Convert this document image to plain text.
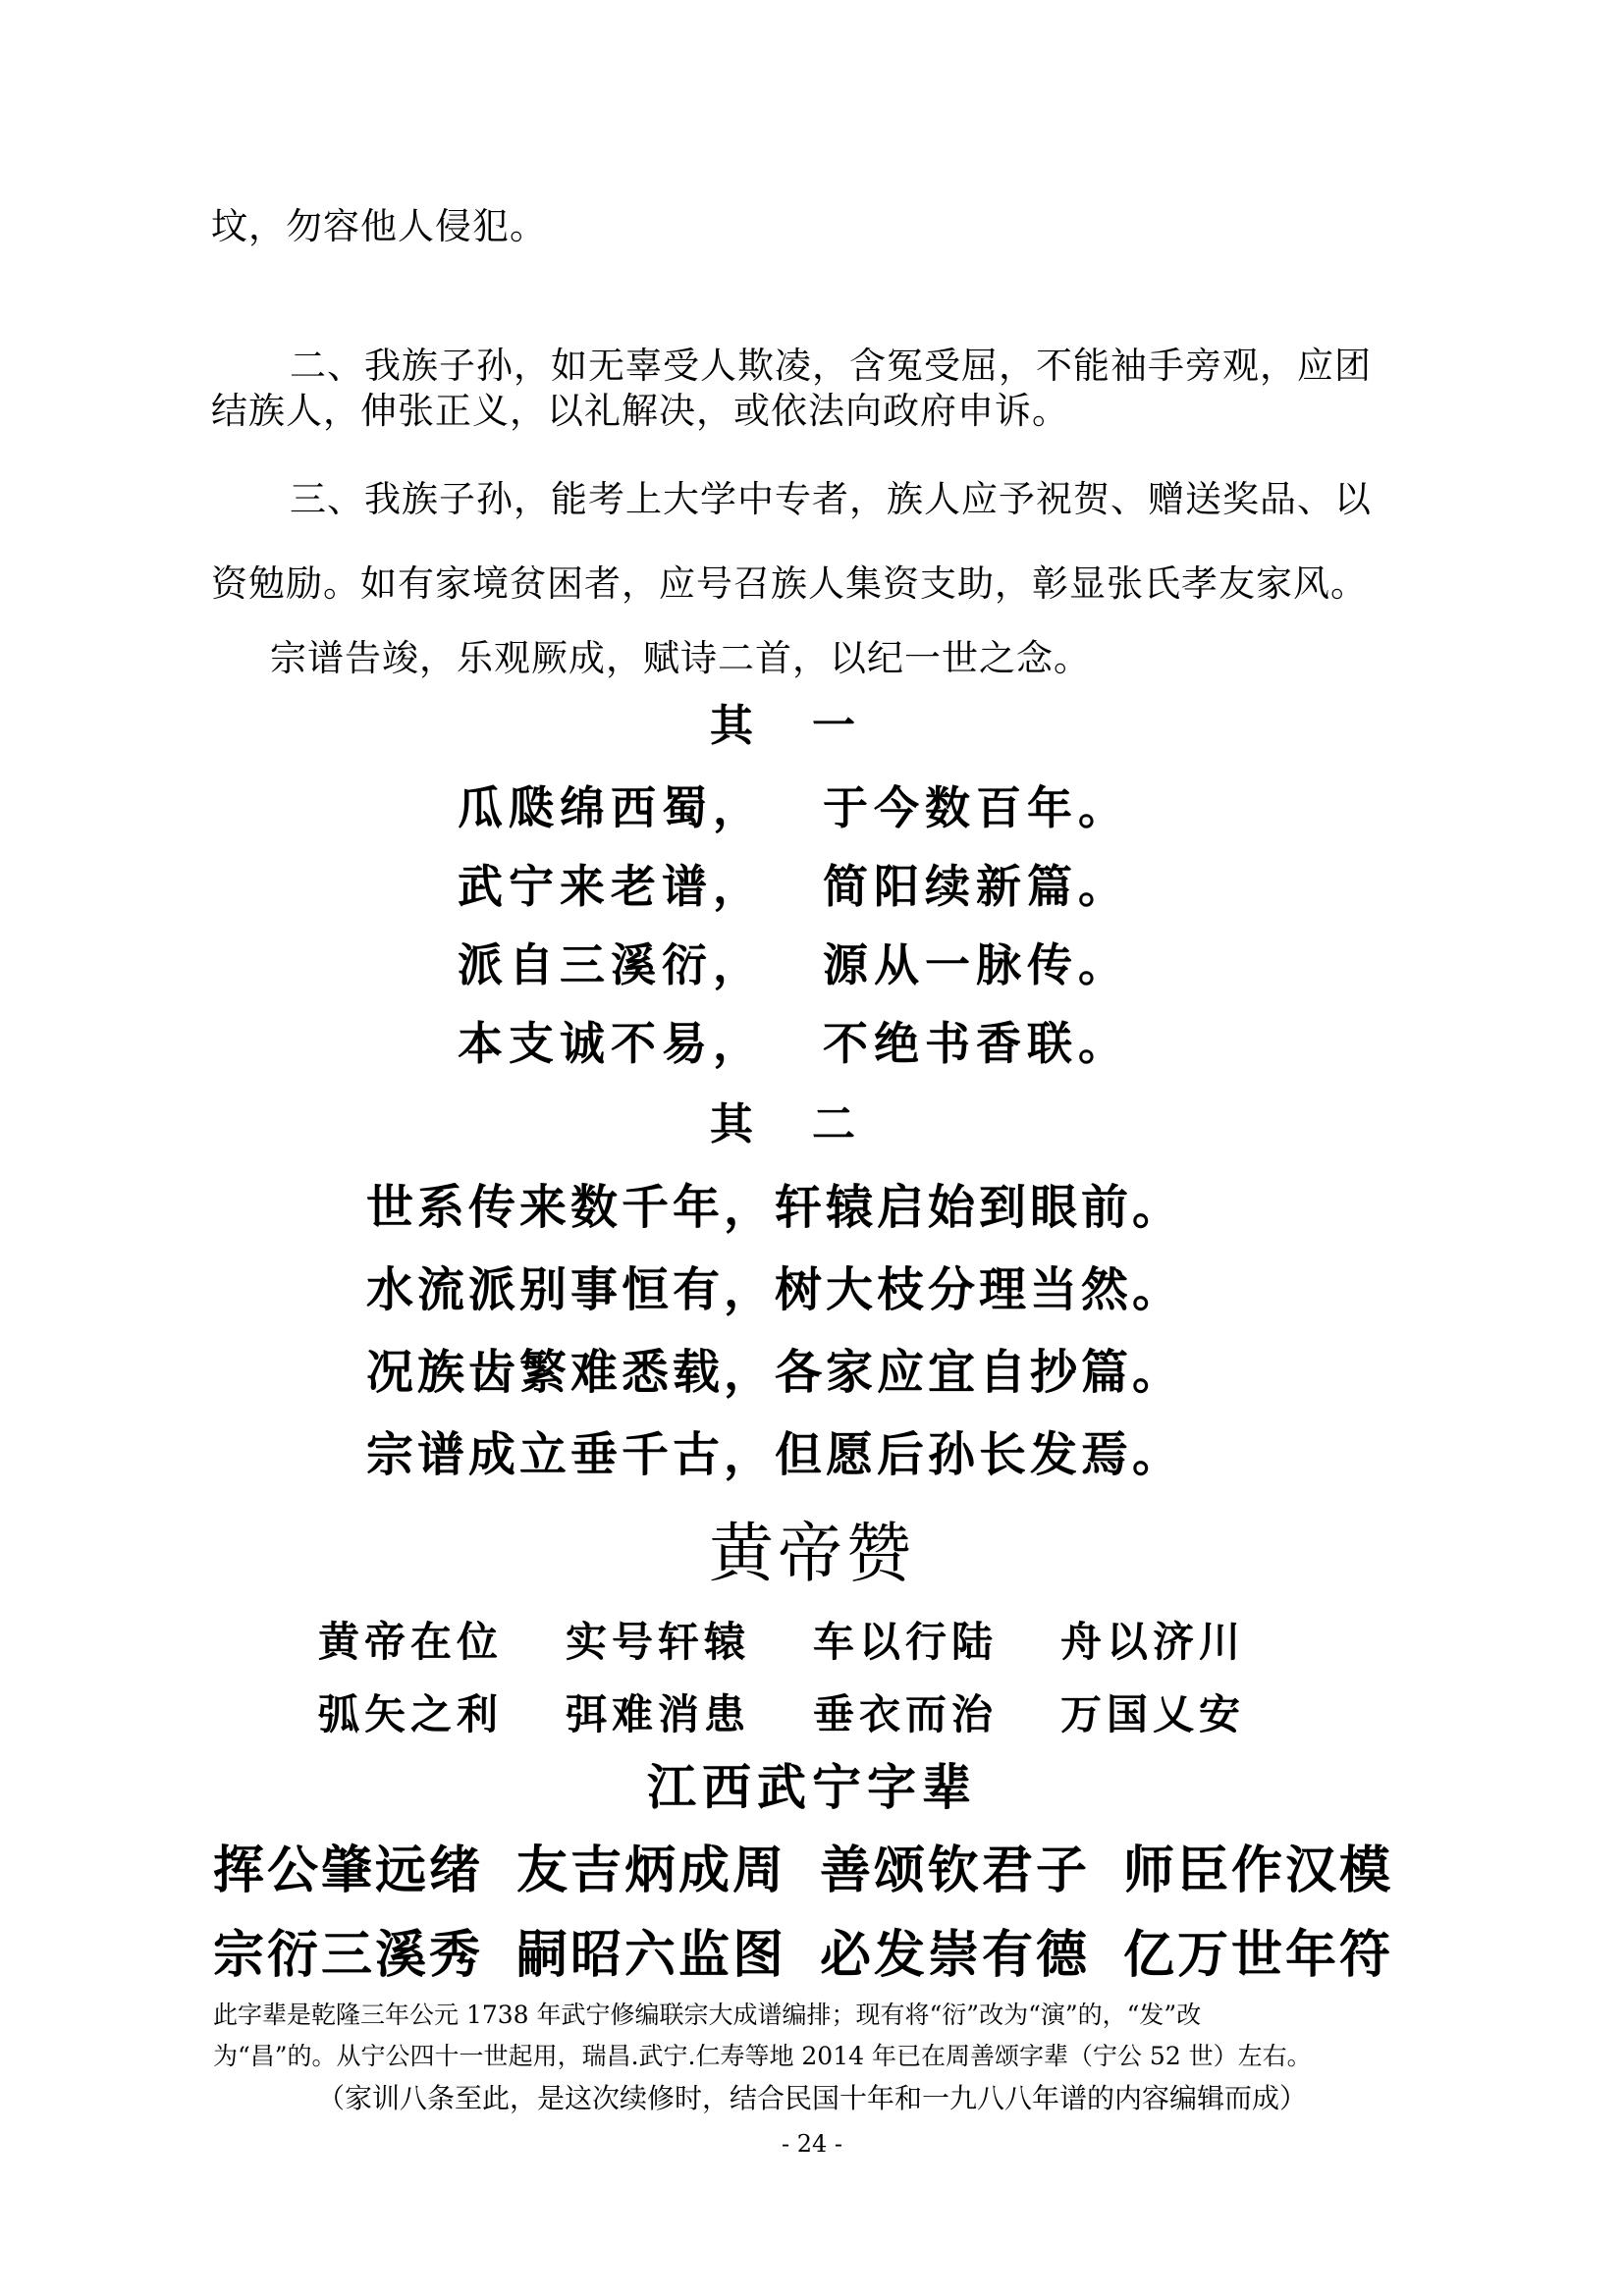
坟，勿容他人侵犯。
二、我族子孙，如无辜受人欺凌，含冤受屈，不能袖手旁观，应团
结族人，伸张正义，以礼解决，或依法向政府申诉。
三、我族子孙，能考上大学中专者，族人应予祝贺、赠送奖品、以
资勉励。如有家境贫困者，应号召族人集资支助，彰显张氏孝友家风。
宗谱告竣，乐观厥成，赋诗二首，以纪一世之念。
其一
瓜瓞绵西蜀， 于今数百年。
武宁来老谱， 简阳续新篇。
派自三溪衍， 源从一脉传。
本支诚不易， 不绝书香联。
其二
世系传来数千年，轩辕启始到眼前。
水流派别事恒有，树大枝分理当然。
况族齿繁难悉载，各家应宜自抄篇。
宗谱成立垂千古，但愿后孙长发焉。
黄帝赞
黄帝在位 实号轩辕 车以行陆 舟以济川
弧矢之利 弭难消患 垂衣而治 万国乂安
江西武宁字辈
挥公肇远绪 友吉炳成周 善颂钦君子 师臣作汉模
宗衍三溪秀 嗣昭六监图 必发崇有德 亿万世年符
此字辈是乾隆三年公元 1738 年武宁修编联宗大成谱编排；现有将“衍”改为“演”的，“发”改
为“昌”的。从宁公四十一世起用，瑞昌.武宁.仁寿等地 2014 年已在周善颂字辈（宁公 52 世）左右。
（家训八条至此，是这次续修时，结合民国十年和一九八八年谱的内容编辑而成）
- 24 -
